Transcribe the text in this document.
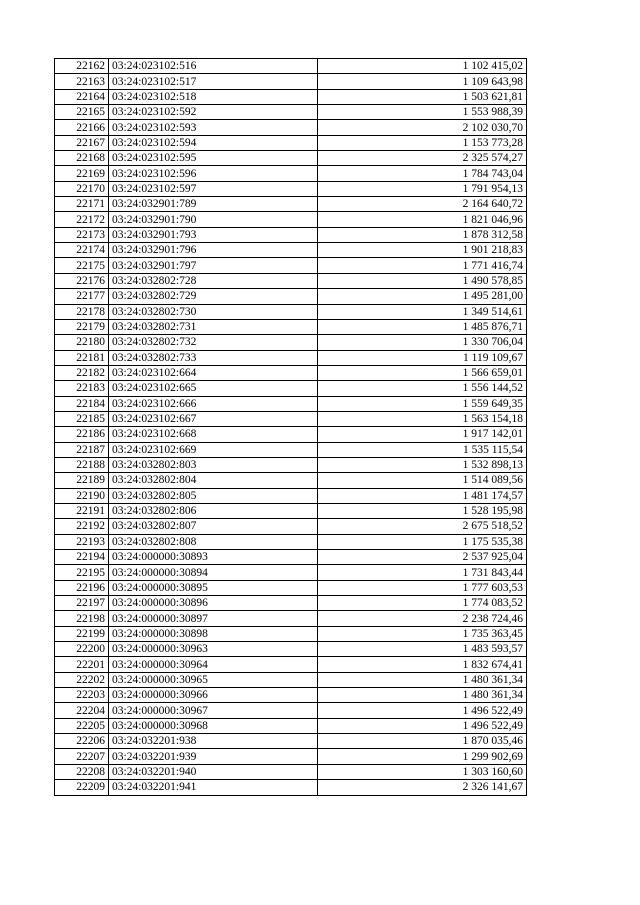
22162	03:24:023102:516	1 102 415,02
22163	03:24:023102:517	1 109 643,98
22164	03:24:023102:518	1 503 621,81
22165	03:24:023102:592	1 553 988,39
22166	03:24:023102:593	2 102 030,70
22167	03:24:023102:594	1 153 773,28
22168	03:24:023102:595	2 325 574,27
22169	03:24:023102:596	1 784 743,04
22170	03:24:023102:597	1 791 954,13
22171	03:24:032901:789	2 164 640,72
22172	03:24:032901:790	1 821 046,96
22173	03:24:032901:793	1 878 312,58
22174	03:24:032901:796	1 901 218,83
22175	03:24:032901:797	1 771 416,74
22176	03:24:032802:728	1 490 578,85
22177	03:24:032802:729	1 495 281,00
22178	03:24:032802:730	1 349 514,61
22179	03:24:032802:731	1 485 876,71
22180	03:24:032802:732	1 330 706,04
22181	03:24:032802:733	1 119 109,67
22182	03:24:023102:664	1 566 659,01
22183	03:24:023102:665	1 556 144,52
22184	03:24:023102:666	1 559 649,35
22185	03:24:023102:667	1 563 154,18
22186	03:24:023102:668	1 917 142,01
22187	03:24:023102:669	1 535 115,54
22188	03:24:032802:803	1 532 898,13
22189	03:24:032802:804	1 514 089,56
22190	03:24:032802:805	1 481 174,57
22191	03:24:032802:806	1 528 195,98
22192	03:24:032802:807	2 675 518,52
22193	03:24:032802:808	1 175 535,38
22194	03:24:000000:30893	2 537 925,04
22195	03:24:000000:30894	1 731 843,44
22196	03:24:000000:30895	1 777 603,53
22197	03:24:000000:30896	1 774 083,52
22198	03:24:000000:30897	2 238 724,46
22199	03:24:000000:30898	1 735 363,45
22200	03:24:000000:30963	1 483 593,57
22201	03:24:000000:30964	1 832 674,41
22202	03:24:000000:30965	1 480 361,34
22203	03:24:000000:30966	1 480 361,34
22204	03:24:000000:30967	1 496 522,49
22205	03:24:000000:30968	1 496 522,49
22206	03:24:032201:938	1 870 035,46
22207	03:24:032201:939	1 299 902,69
22208	03:24:032201:940	1 303 160,60
22209	03:24:032201:941	2 326 141,67
